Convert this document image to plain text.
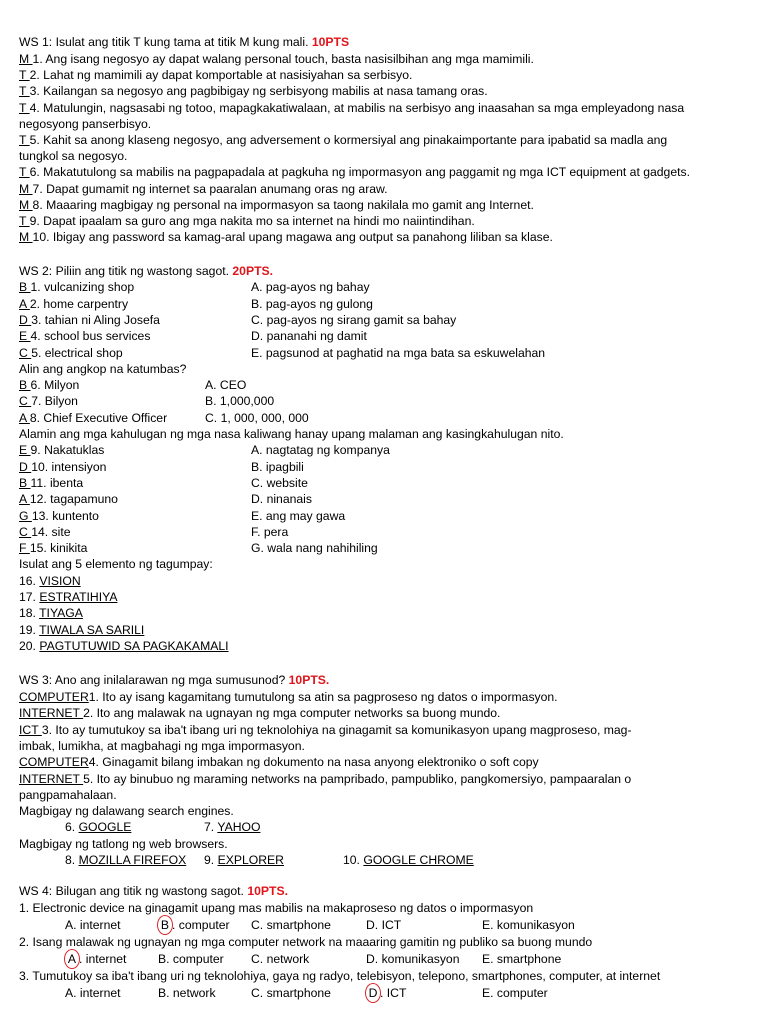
WS 1: Isulat ang titik T kung tama at titik M kung mali. 10PTS
M 1. Ang isang negosyo ay dapat walang personal touch, basta nasisilbihan ang mga mamimili.
T 2. Lahat ng mamimili ay dapat komportable at nasisiyahan sa serbisyo.
T 3. Kailangan sa negosyo ang pagbibigay ng serbisyong mabilis at nasa tamang oras.
T 4. Matulungin, nagsasabi ng totoo, mapagkakatiwalaan, at mabilis na serbisyo ang inaasahan sa mga empleyadong nasa
negosyong panserbisyo.
T 5. Kahit sa anong klaseng negosyo, ang adversement o kormersiyal ang pinakaimportante para ipabatid sa madla ang
tungkol sa negosyo.
T 6. Makatutulong sa mabilis na pagpapadala at pagkuha ng impormasyon ang paggamit ng mga ICT equipment at gadgets.
M 7. Dapat gumamit ng internet sa paaralan anumang oras ng araw.
M 8. Maaaring magbigay ng personal na impormasyon sa taong nakilala mo gamit ang Internet.
T 9. Dapat ipaalam sa guro ang mga nakita mo sa internet na hindi mo naiintindihan.
M 10. Ibigay ang password sa kamag-aral upang magawa ang output sa panahong liliban sa klase.
WS 2: Piliin ang titik ng wastong sagot. 20PTS.
B 1. vulcanizing shop	A. pag-ayos ng bahay
A 2. home carpentry	B. pag-ayos ng gulong
D 3. tahian ni Aling Josefa	C. pag-ayos ng sirang gamit sa bahay
E 4. school bus services	D. pananahi ng damit
C 5. electrical shop	E. pagsunod at paghatid na mga bata sa eskuwelahan
Alin ang angkop na katumbas?
B 6. Milyon	A. CEO
C 7. Bilyon	B. 1,000,000
A 8. Chief Executive Officer	C. 1, 000, 000, 000
Alamin ang mga kahulugan ng mga nasa kaliwang hanay upang malaman ang kasingkahulugan nito.
E 9. Nakatuklas	A. nagtatag ng kompanya
D 10. intensiyon	B. ipagbili
B 11. ibenta	C. website
A 12. tagapamuno	D. ninanais
G 13. kuntento	E. ang may gawa
C 14. site	F. pera
F 15. kinikita	G. wala nang nahihiling
Isulat ang 5 elemento ng tagumpay:
16. VISION
17. ESTRATIHIYA
18. TIYAGA
19. TIWALA SA SARILI
20. PAGTUTUWID SA PAGKAKAMALI
WS 3: Ano ang inilalarawan ng mga sumusunod? 10PTS.
COMPUTER1. Ito ay isang kagamitang tumutulong sa atin sa pagproseso ng datos o impormasyon.
INTERNET 2. Ito ang malawak na ugnayan ng mga computer networks sa buong mundo.
ICT 3. Ito ay tumutukoy sa iba't ibang uri ng teknolohiya na ginagamit sa komunikasyon upang magproseso, mag-
imbak, lumikha, at magbahagi ng mga impormasyon.
COMPUTER4. Ginagamit bilang imbakan ng dokumento na nasa anyong elektroniko o soft copy
INTERNET 5. Ito ay binubuo ng maraming networks na pampribado, pampubliko, pangkomersiyo, pampaaralan o
pangpamahalaan.
Magbigay ng dalawang search engines.
6. GOOGLE	7. YAHOO
Magbigay ng tatlong ng web browsers.
8. MOZILLA FIREFOX 9. EXPLORER	10. GOOGLE CHROME
WS 4: Bilugan ang titik ng wastong sagot. 10PTS.
1. Electronic device na ginagamit upang mas mabilis na makaproseso ng datos o impormasyon
A. internet	B . computer C. smartphone	D. ICT	E. komunikasyon
2. Isang malawak ng ugnayan ng mga computer network na maaaring gamitin ng publiko sa buong mundo
A . internet	B. computer C. network	D. komunikasyon E. smartphone
3. Tumutukoy sa iba't ibang uri ng teknolohiya, gaya ng radyo, telebisyon, telepono, smartphones, computer, at internet
A. internet	B. network	C. smartphone	D . ICT	E. computer
